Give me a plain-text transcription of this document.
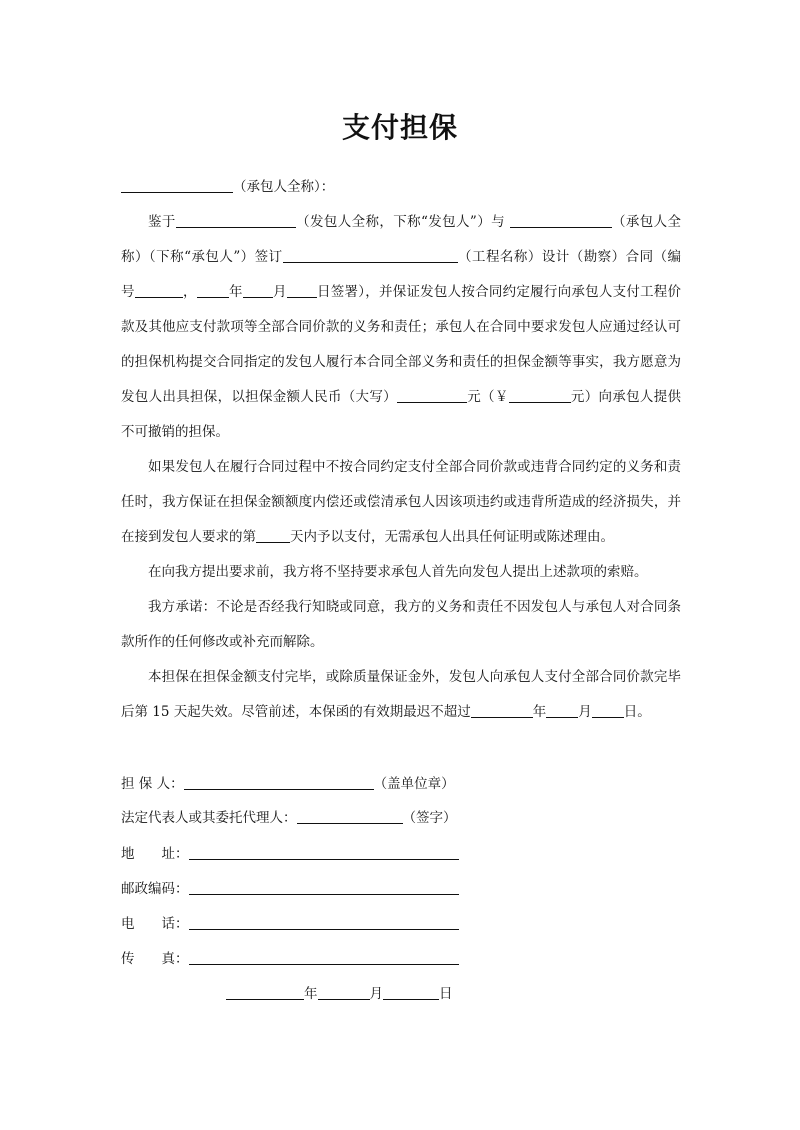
支付担保
（承包人全称）：

鉴于	（发包人全称，下称“发包人”）与	（承包人全称）（下称“承包人”）签订	（工程名称）设计（勘察）合同（编号	， 年 月 日签署），并保证发包人按合同约定履行向承包人支付工程价款及其他应支付款项等全部合同价款的义务和责任；承包人在合同中要求发包人应通过经认可的担保机构提交合同指定的发包人履行本合同全部义务和责任的担保金额等事实，我方愿意为发包人出具担保，以担保金额人民币（大写）	元（￥	元）向承包人提供不可撤销的担保。

如果发包人在履行合同过程中不按合同约定支付全部合同价款或违背合同约定的义务和责任时，我方保证在担保金额额度内偿还或偿清承包人因该项违约或违背所造成的经济损失，并在接到发包人要求的第	天内予以支付，无需承包人出具任何证明或陈述理由。

在向我方提出要求前，我方将不坚持要求承包人首先向发包人提出上述款项的索赔。

我方承诺：不论是否经我行知晓或同意，我方的义务和责任不因发包人与承包人对合同条款所作的任何修改或补充而解除。

本担保在担保金额支付完毕，或除质量保证金外，发包人向承包人支付全部合同价款完毕后第 15 天起失效。尽管前述，本保函的有效期最迟不超过	年 月 日。

担 保 人：	（盖单位章）
法定代表人或其委托代理人：	（签字）
地　　址：
邮政编码：
电　　话：
传　　真：
年	月	日
